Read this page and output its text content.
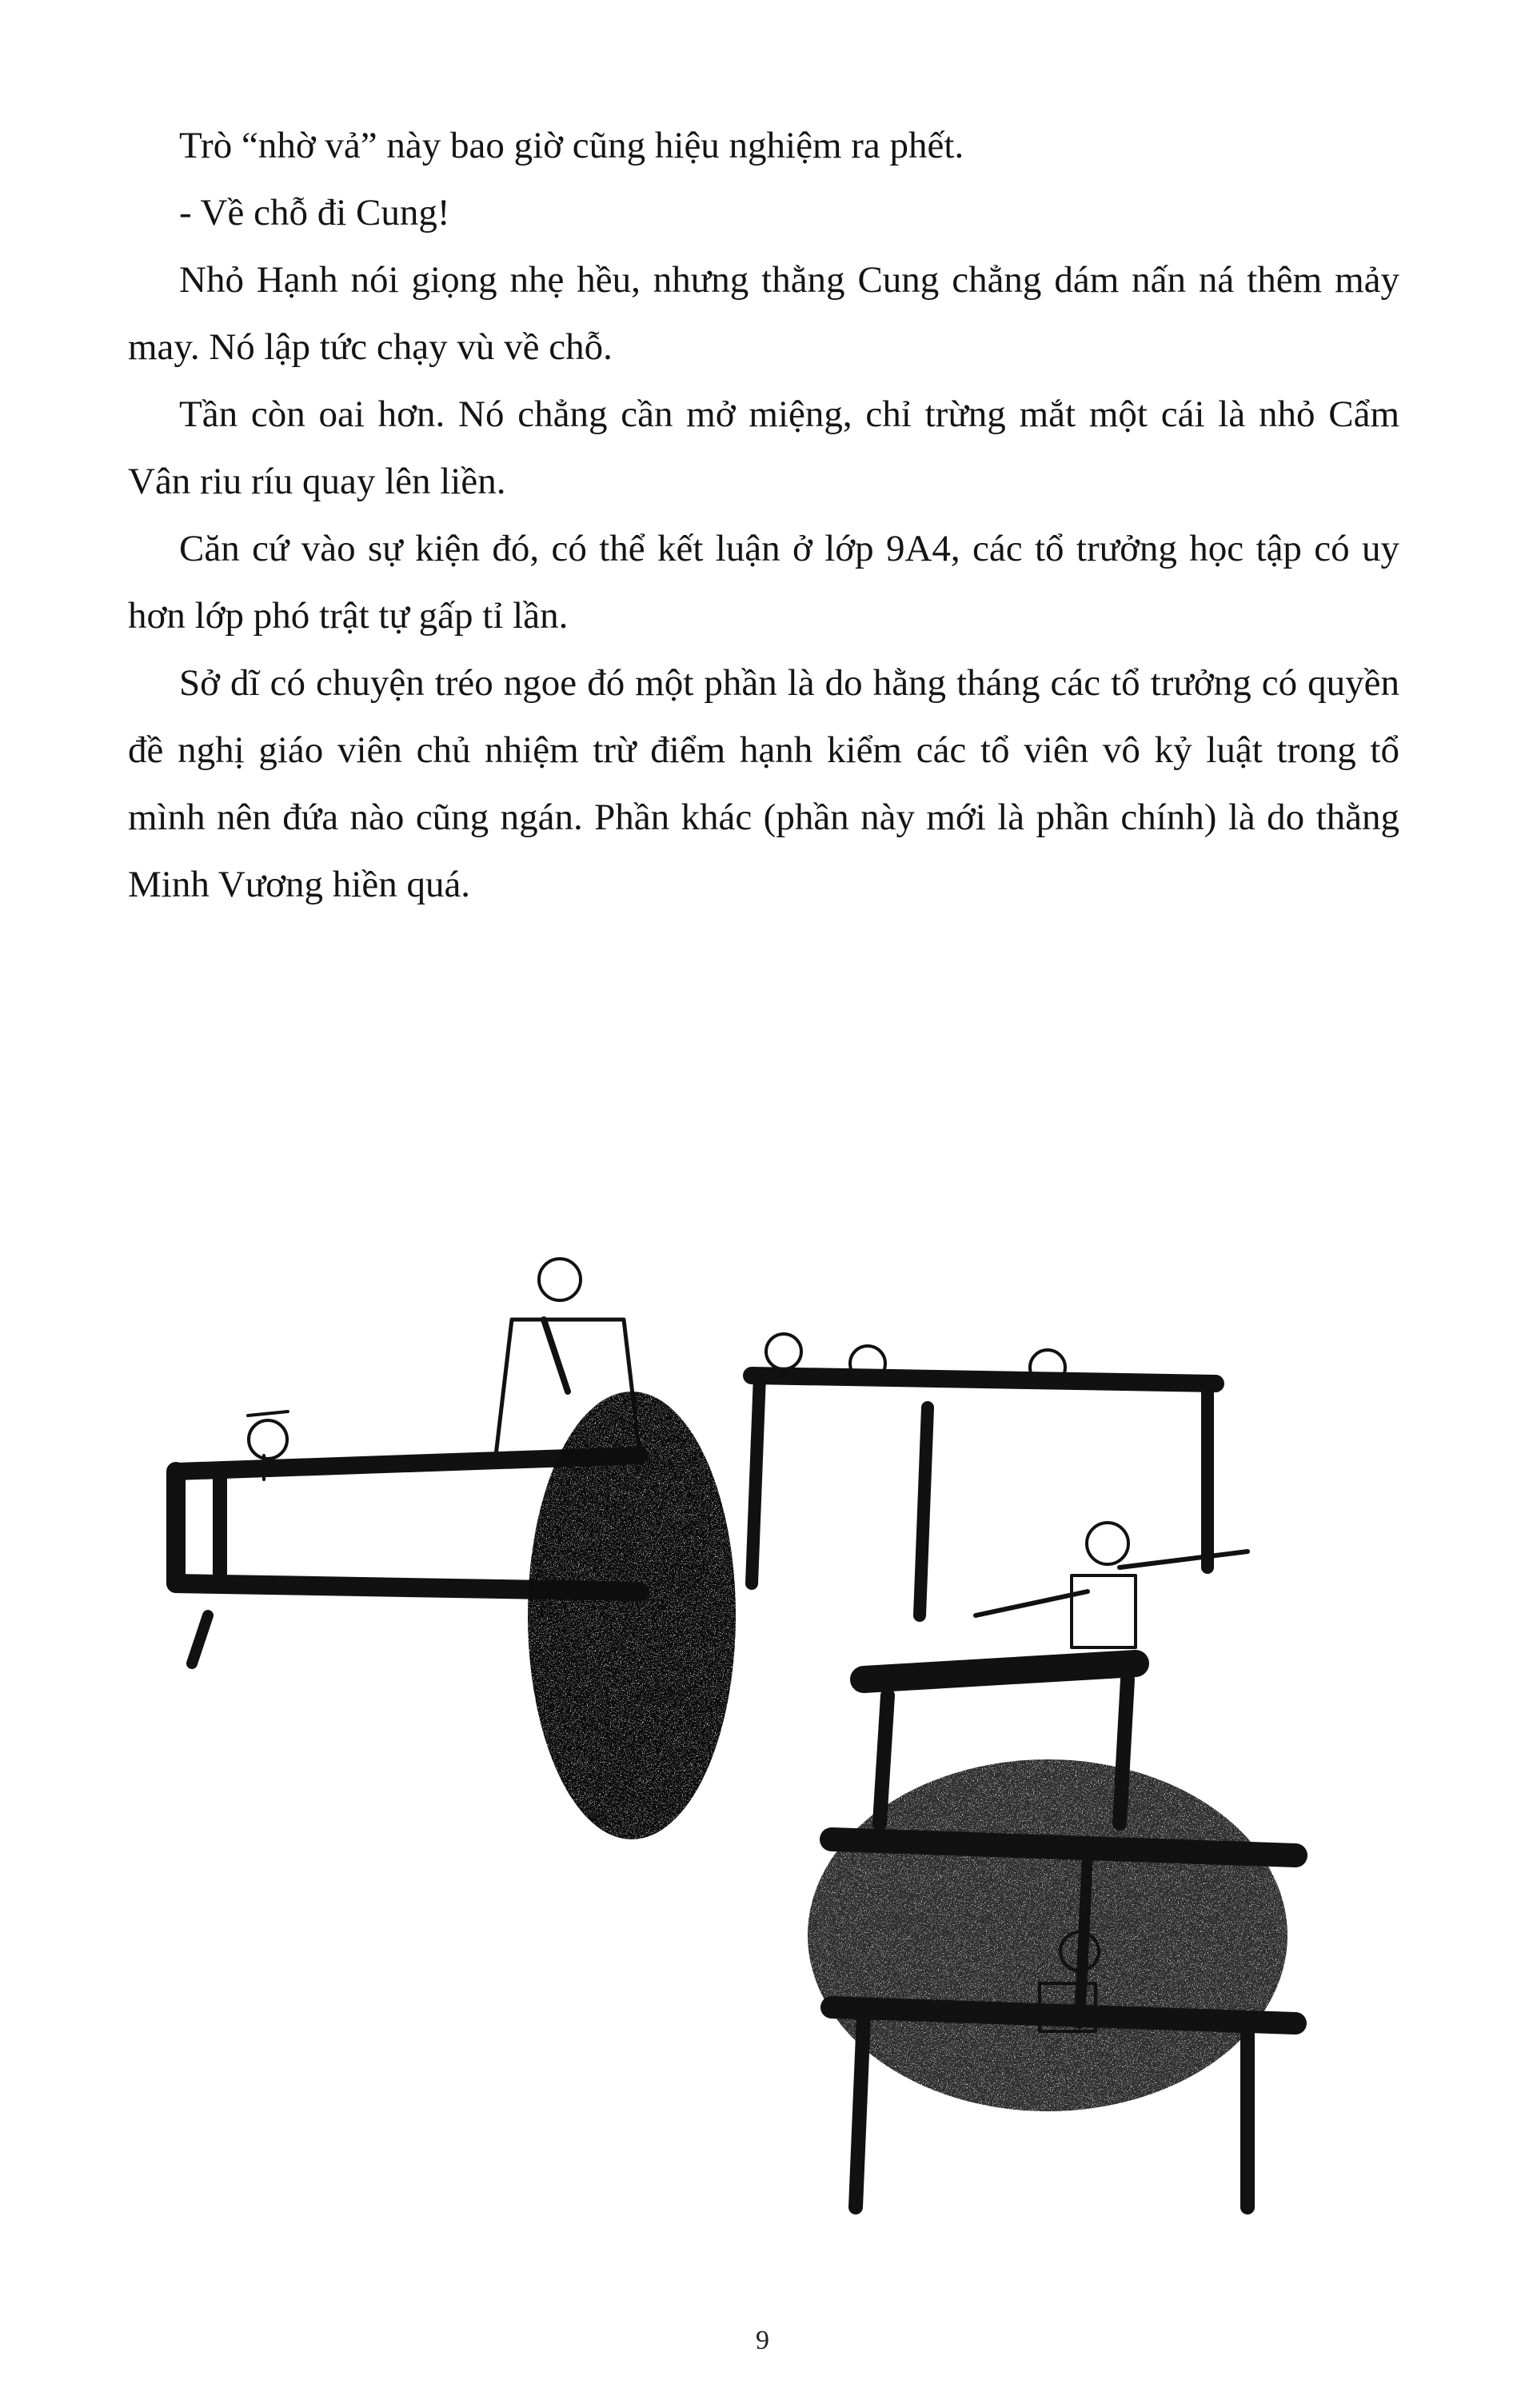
Trò “nhờ vả” này bao giờ cũng hiệu nghiệm ra phết.

- Về chỗ đi Cung!

Nhỏ Hạnh nói giọng nhẹ hều, nhưng thằng Cung chẳng dám nấn ná thêm mảy may. Nó lập tức chạy vù về chỗ.

Tần còn oai hơn. Nó chẳng cần mở miệng, chỉ trừng mắt một cái là nhỏ Cẩm Vân riu ríu quay lên liền.

Căn cứ vào sự kiện đó, có thể kết luận ở lớp 9A4, các tổ trưởng học tập có uy hơn lớp phó trật tự gấp tỉ lần.

Sở dĩ có chuyện tréo ngoe đó một phần là do hằng tháng các tổ trưởng có quyền đề nghị giáo viên chủ nhiệm trừ điểm hạnh kiểm các tổ viên vô kỷ luật trong tổ mình nên đứa nào cũng ngán. Phần khác (phần này mới là phần chính) là do thằng Minh Vương hiền quá.

9
